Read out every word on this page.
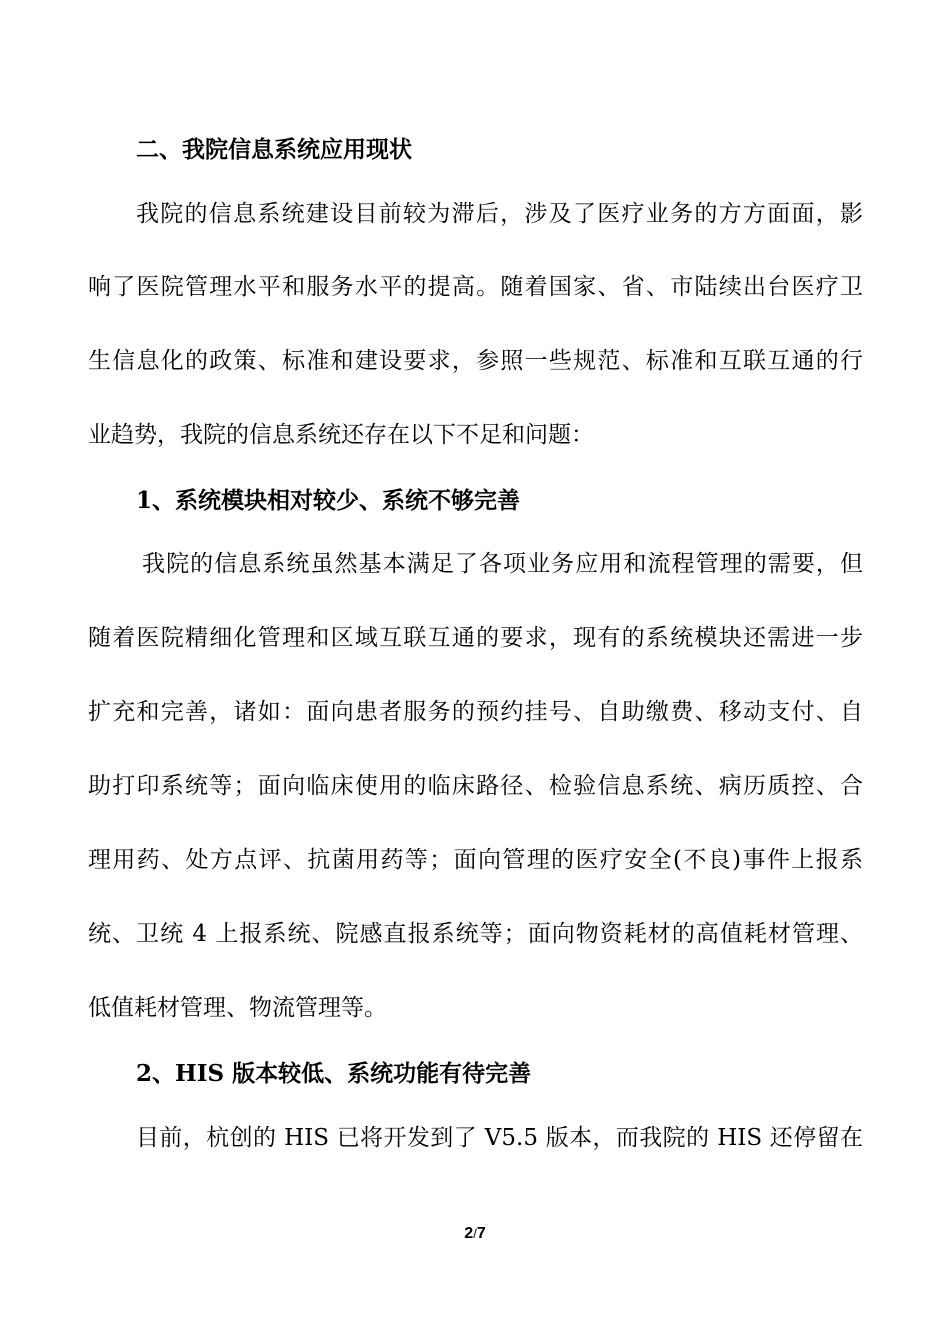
二、我院信息系统应用现状
我院的信息系统建设目前较为滞后，涉及了医疗业务的方方面面，影
响了医院管理水平和服务水平的提高。随着国家、省、市陆续出台医疗卫
生信息化的政策、标准和建设要求，参照一些规范、标准和互联互通的行
业趋势，我院的信息系统还存在以下不足和问题：
1、系统模块相对较少、系统不够完善
我院的信息系统虽然基本满足了各项业务应用和流程管理的需要，但
随着医院精细化管理和区域互联互通的要求，现有的系统模块还需进一步
扩充和完善，诸如：面向患者服务的预约挂号、自助缴费、移动支付、自
助打印系统等；面向临床使用的临床路径、检验信息系统、病历质控、合
理用药、处方点评、抗菌用药等；面向管理的医疗安全(不良)事件上报系
统、卫统 4 上报系统、院感直报系统等；面向物资耗材的高值耗材管理、
低值耗材管理、物流管理等。
2、HIS 版本较低、系统功能有待完善
目前，杭创的 HIS 已将开发到了 V5.5 版本，而我院的 HIS 还停留在
2/7
